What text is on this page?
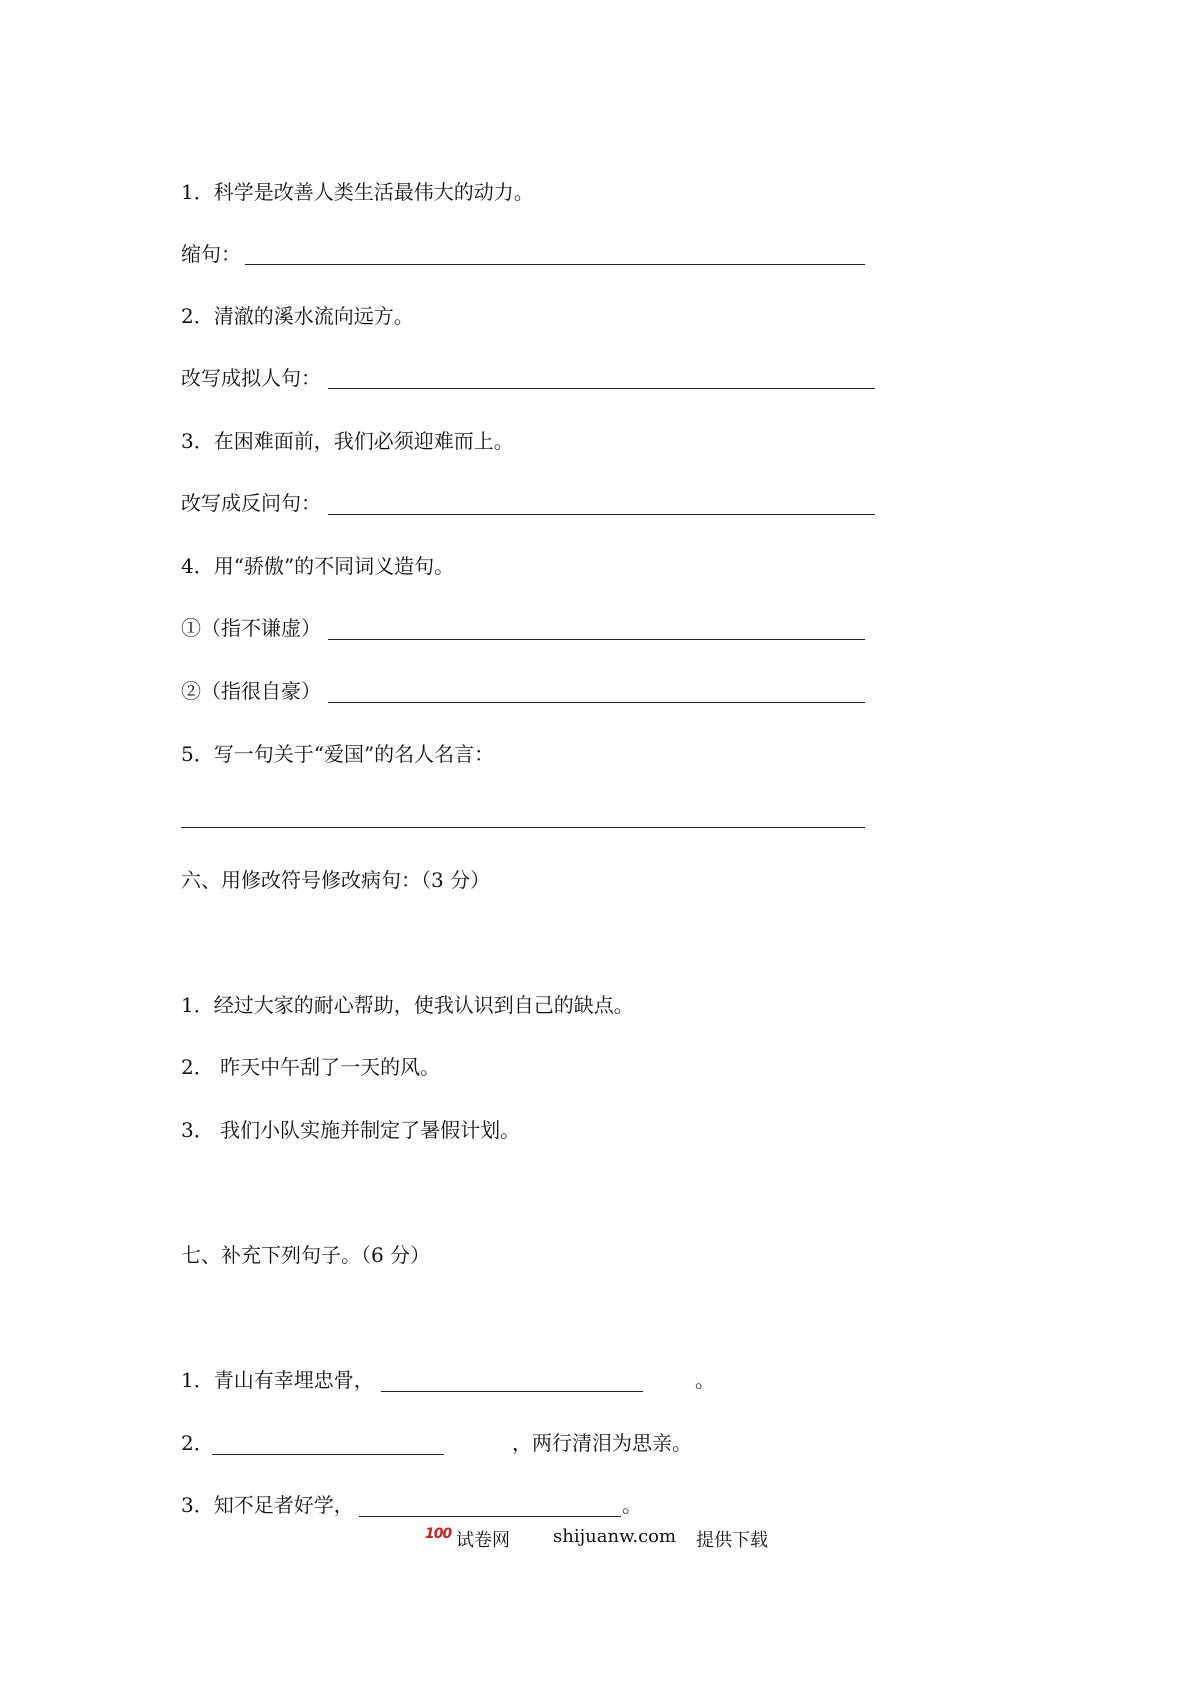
1．科学是改善人类生活最伟大的动力。
缩句：
2．清澈的溪水流向远方。
改写成拟人句：
3．在困难面前，我们必须迎难而上。
改写成反问句：
4．用“骄傲”的不同词义造句。
①（指不谦虚）
②（指很自豪）
5．写一句关于“爱国”的名人名言：
六、用修改符号修改病句：（3 分）
1．经过大家的耐心帮助，使我认识到自己的缺点。
2． 昨天中午刮了一天的风。
3． 我们小队实施并制定了暑假计划。
七、补充下列句子。（6 分）
1．青山有幸埋忠骨，	。
2．	，两行清泪为思亲。
3．知不足者好学，	。
100 试卷网 shijuanw.com 提供下载
